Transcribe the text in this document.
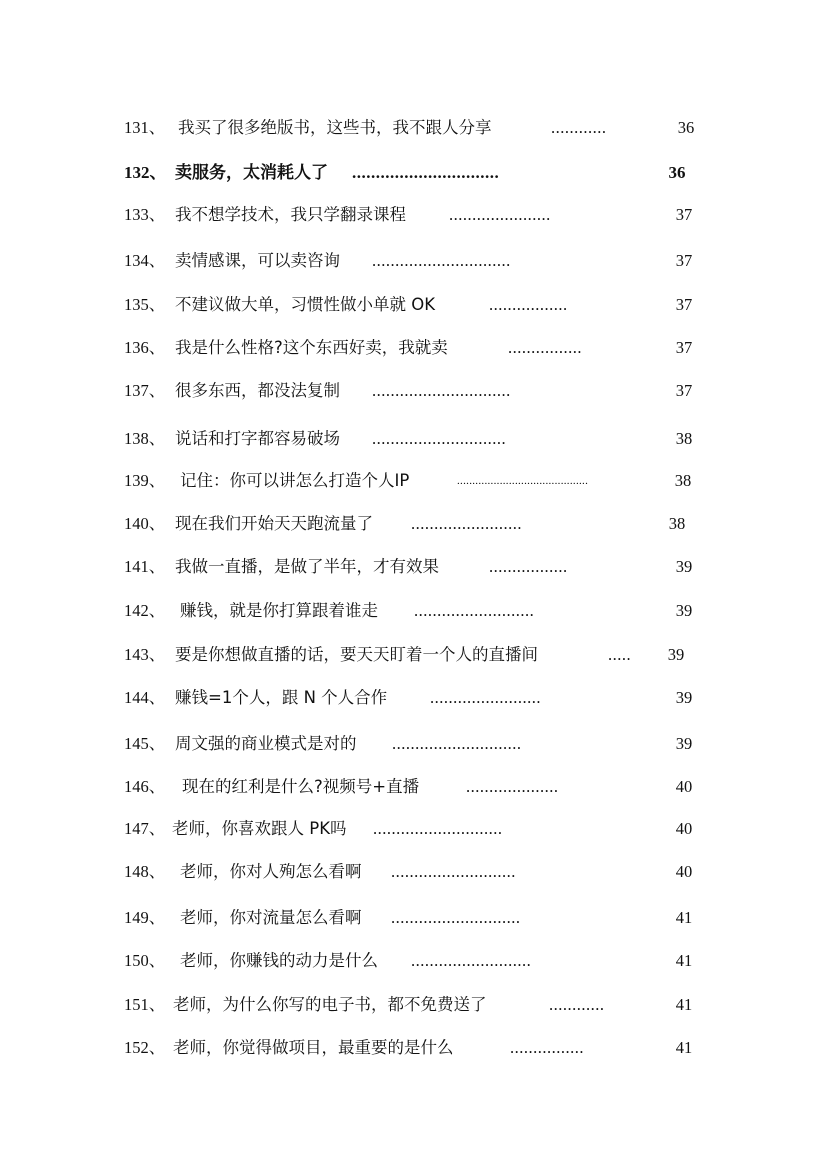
131、 我买了很多绝版书，这些书，我不跟人分享	............	36
132、 卖服务，太消耗人了 ...............................	36
133、 我不想学技术，我只学翻录课程	......................	37
134、 卖情感课，可以卖咨询 ..............................	37
135、 不建议做大单，习惯性做小单就 OK	.................	37
136、 我是什么性格?这个东西好卖，我就卖	................	37
137、 很多东西，都没法复制 ..............................	37
138、 说话和打字都容易破场 .............................	38
139、 记住：你可以讲怎么打造个人IP	...........................................	38
140、 现在我们开始天天跑流量了 ........................	38
141、 我做一直播，是做了半年，才有效果	.................	39
142、 赚钱，就是你打算跟着谁走 ..........................	39
143、 要是你想做直播的话，要天天盯着一个人的直播间	..... 39
144、 赚钱=1个人，跟 N 个人合作	........................	39
145、 周文强的商业模式是对的 ............................	39
146、 现在的红利是什么?视频号+直播	....................	40
147、 老师，你喜欢跟人 PK吗 ............................	40
148、 老师，你对人殉怎么看啊 ...........................	40
149、 老师，你对流量怎么看啊 ............................	41
150、 老师，你赚钱的动力是什么 ..........................	41
151、 老师，为什么你写的电子书，都不免费送了	............	41
152、 老师，你觉得做项目，最重要的是什么	................	41
